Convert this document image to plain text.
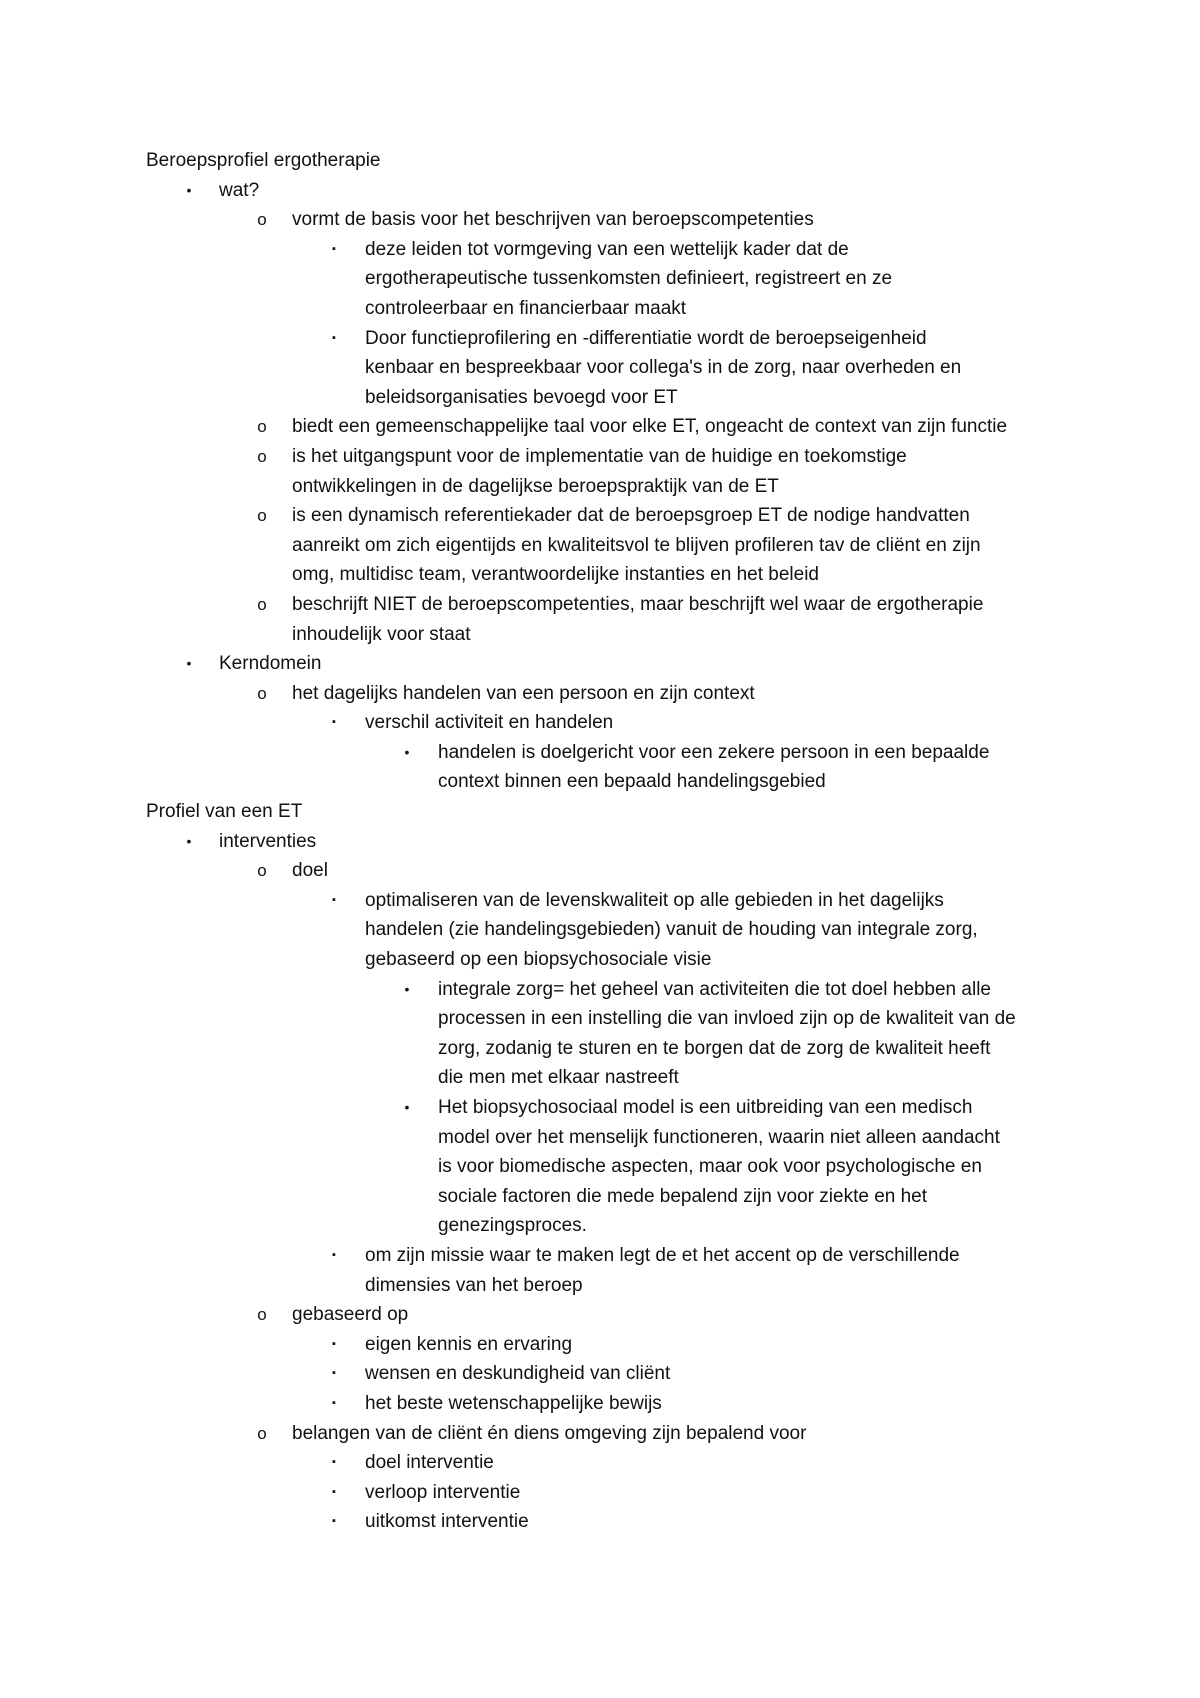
Beroepsprofiel ergotherapie
•	wat?
o vormt de basis voor het beschrijven van beroepscompetenties
▪	deze leiden tot vormgeving van een wettelijk kader dat de
ergotherapeutische tussenkomsten definieert, registreert en ze
controleerbaar en financierbaar maakt
▪	Door functieprofilering en -differentiatie wordt de beroepseigenheid
kenbaar en bespreekbaar voor collega's in de zorg, naar overheden en
beleidsorganisaties bevoegd voor ET
o biedt een gemeenschappelijke taal voor elke ET, ongeacht de context van zijn functie
o is het uitgangspunt voor de implementatie van de huidige en toekomstige
ontwikkelingen in de dagelijkse beroepspraktijk van de ET
o is een dynamisch referentiekader dat de beroepsgroep ET de nodige handvatten
aanreikt om zich eigentijds en kwaliteitsvol te blijven profileren tav de cliënt en zijn
omg, multidisc team, verantwoordelijke instanties en het beleid
o beschrijft NIET de beroepscompetenties, maar beschrijft wel waar de ergotherapie
inhoudelijk voor staat
•	Kerndomein
o het dagelijks handelen van een persoon en zijn context
▪	verschil activiteit en handelen
•	handelen is doelgericht voor een zekere persoon in een bepaalde
context binnen een bepaald handelingsgebied
Profiel van een ET
•	interventies
o doel
▪	optimaliseren van de levenskwaliteit op alle gebieden in het dagelijks
handelen (zie handelingsgebieden) vanuit de houding van integrale zorg,
gebaseerd op een biopsychosociale visie
•	integrale zorg= het geheel van activiteiten die tot doel hebben alle
processen in een instelling die van invloed zijn op de kwaliteit van de
zorg, zodanig te sturen en te borgen dat de zorg de kwaliteit heeft
die men met elkaar nastreeft
•	Het biopsychosociaal model is een uitbreiding van een medisch
model over het menselijk functioneren, waarin niet alleen aandacht
is voor biomedische aspecten, maar ook voor psychologische en
sociale factoren die mede bepalend zijn voor ziekte en het
genezingsproces.
▪	om zijn missie waar te maken legt de et het accent op de verschillende
dimensies van het beroep
o gebaseerd op
▪	eigen kennis en ervaring
▪	wensen en deskundigheid van cliënt
▪	het beste wetenschappelijke bewijs
o belangen van de cliënt én diens omgeving zijn bepalend voor
▪	doel interventie
▪	verloop interventie
▪	uitkomst interventie
